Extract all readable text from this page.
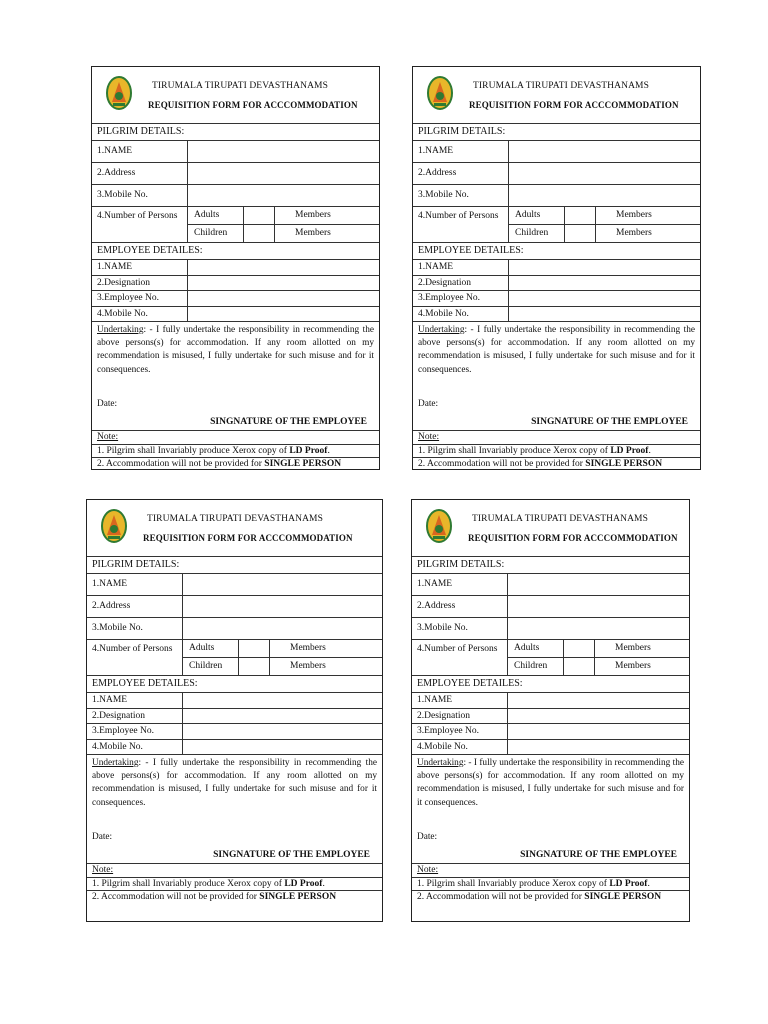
TIRUMALA TIRUPATI DEVASTHANAMS
REQUISITION FORM FOR ACCCOMMODATION
PILGRIM DETAILS:
1.NAME
2.Address
3.Mobile No.
4.Number of Persons	Adults	Members
Children	Members
EMPLOYEE DETAILES:
1.NAME
2.Designation
3.Employee No.
4.Mobile No.
Undertaking: - I fully undertake the responsibility in recommending the above persons(s) for accommodation. If any room allotted on my recommendation is misused, I fully undertake for such misuse and for it consequences.
Date:
SINGNATURE OF THE EMPLOYEE
Note:
1. Pilgrim shall Invariably produce Xerox copy of LD Proof.
2. Accommodation will not be provided for SINGLE PERSON
TIRUMALA TIRUPATI DEVASTHANAMS
REQUISITION FORM FOR ACCCOMMODATION
PILGRIM DETAILS:
1.NAME
2.Address
3.Mobile No.
4.Number of Persons	Adults	Members
Children	Members
EMPLOYEE DETAILES:
1.NAME
2.Designation
3.Employee No.
4.Mobile No.
Undertaking: - I fully undertake the responsibility in recommending the above persons(s) for accommodation. If any room allotted on my recommendation is misused, I fully undertake for such misuse and for it consequences.
Date:
SINGNATURE OF THE EMPLOYEE
Note:
1. Pilgrim shall Invariably produce Xerox copy of LD Proof.
2. Accommodation will not be provided for SINGLE PERSON
TIRUMALA TIRUPATI DEVASTHANAMS
REQUISITION FORM FOR ACCCOMMODATION
PILGRIM DETAILS:
1.NAME
2.Address
3.Mobile No.
4.Number of Persons	Adults	Members
Children	Members
EMPLOYEE DETAILES:
1.NAME
2.Designation
3.Employee No.
4.Mobile No.
Undertaking: - I fully undertake the responsibility in recommending the above persons(s) for accommodation. If any room allotted on my recommendation is misused, I fully undertake for such misuse and for it consequences.
Date:
SINGNATURE OF THE EMPLOYEE
Note:
1. Pilgrim shall Invariably produce Xerox copy of LD Proof.
2. Accommodation will not be provided for SINGLE PERSON
TIRUMALA TIRUPATI DEVASTHANAMS
REQUISITION FORM FOR ACCCOMMODATION
PILGRIM DETAILS:
1.NAME
2.Address
3.Mobile No.
4.Number of Persons	Adults	Members
Children	Members
EMPLOYEE DETAILES:
1.NAME
2.Designation
3.Employee No.
4.Mobile No.
Undertaking: - I fully undertake the responsibility in recommending the above persons(s) for accommodation. If any room allotted on my recommendation is misused, I fully undertake for such misuse and for it consequences.
Date:
SINGNATURE OF THE EMPLOYEE
Note:
1. Pilgrim shall Invariably produce Xerox copy of LD Proof.
2. Accommodation will not be provided for SINGLE PERSON
